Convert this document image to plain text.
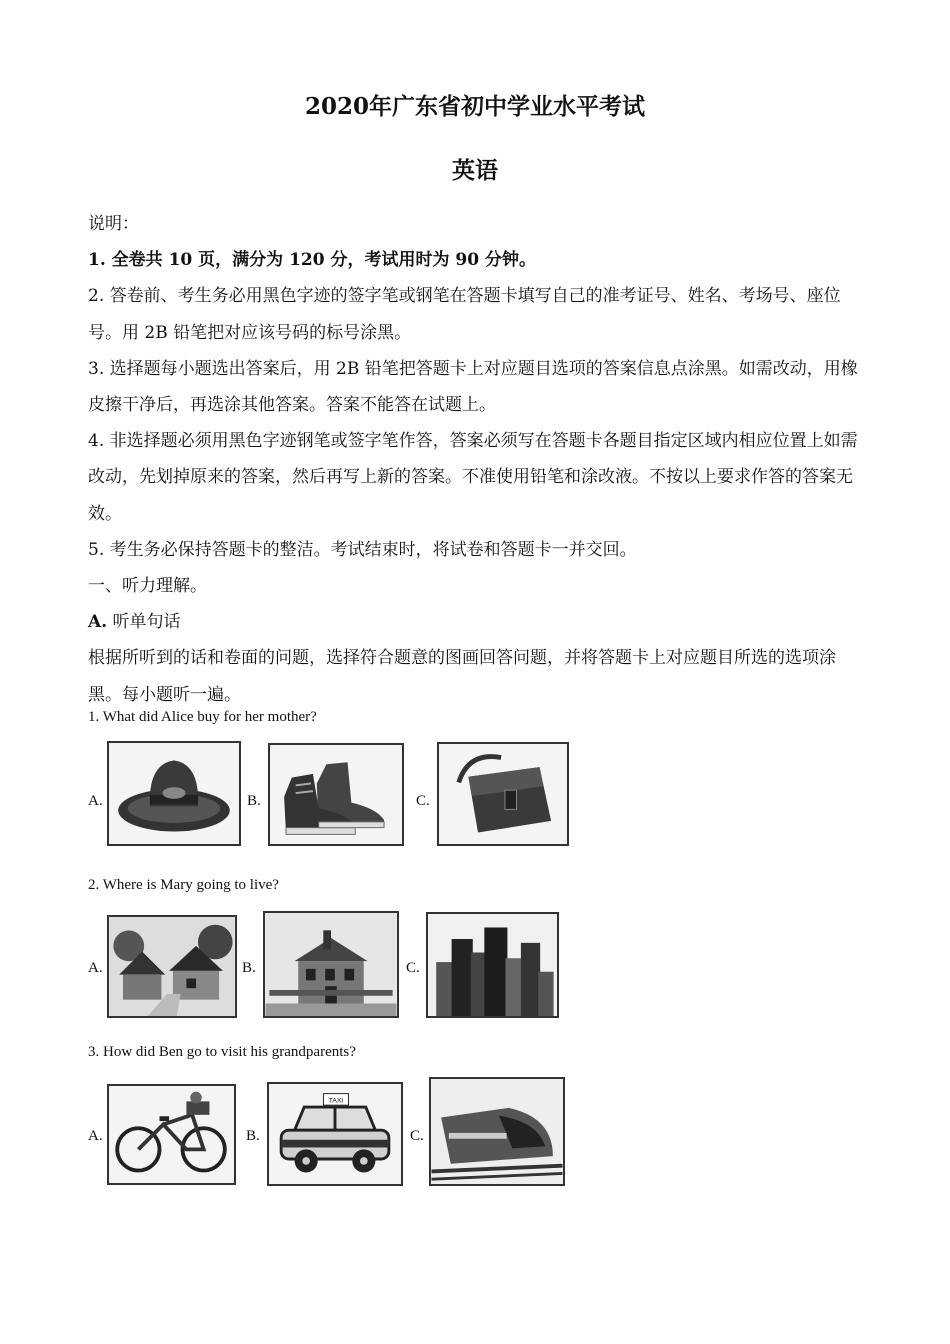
2020年广东省初中学业水平考试
英语

说明：

1. 全卷共 10 页，满分为 120 分，考试用时为 90 分钟。

2. 答卷前、考生务必用黑色字迹的签字笔或钢笔在答题卡填写自己的准考证号、姓名、考场号、座位号。用 2B 铅笔把对应该号码的标号涂黑。

3. 选择题每小题选出答案后，用 2B 铅笔把答题卡上对应题目选项的答案信息点涂黑。如需改动，用橡皮擦干净后，再选涂其他答案。答案不能答在试题上。

4. 非选择题必须用黑色字迹钢笔或签字笔作答，答案必须写在答题卡各题目指定区域内相应位置上如需改动，先划掉原来的答案，然后再写上新的答案。不准使用铅笔和涂改液。不按以上要求作答的答案无效。

5. 考生务必保持答题卡的整洁。考试结束时，将试卷和答题卡一并交回。

一、听力理解。

A. 听单句话

根据所听到的话和卷面的问题，选择符合题意的图画回答问题，并将答题卡上对应题目所选的选项涂黑。每小题听一遍。

1. What did Alice buy for her mother?
A.	B.	C.
2. Where is Mary going to live?
A.	B.	C.
3. How did Ben go to visit his grandparents?
A.	B.
TAXI
C.
